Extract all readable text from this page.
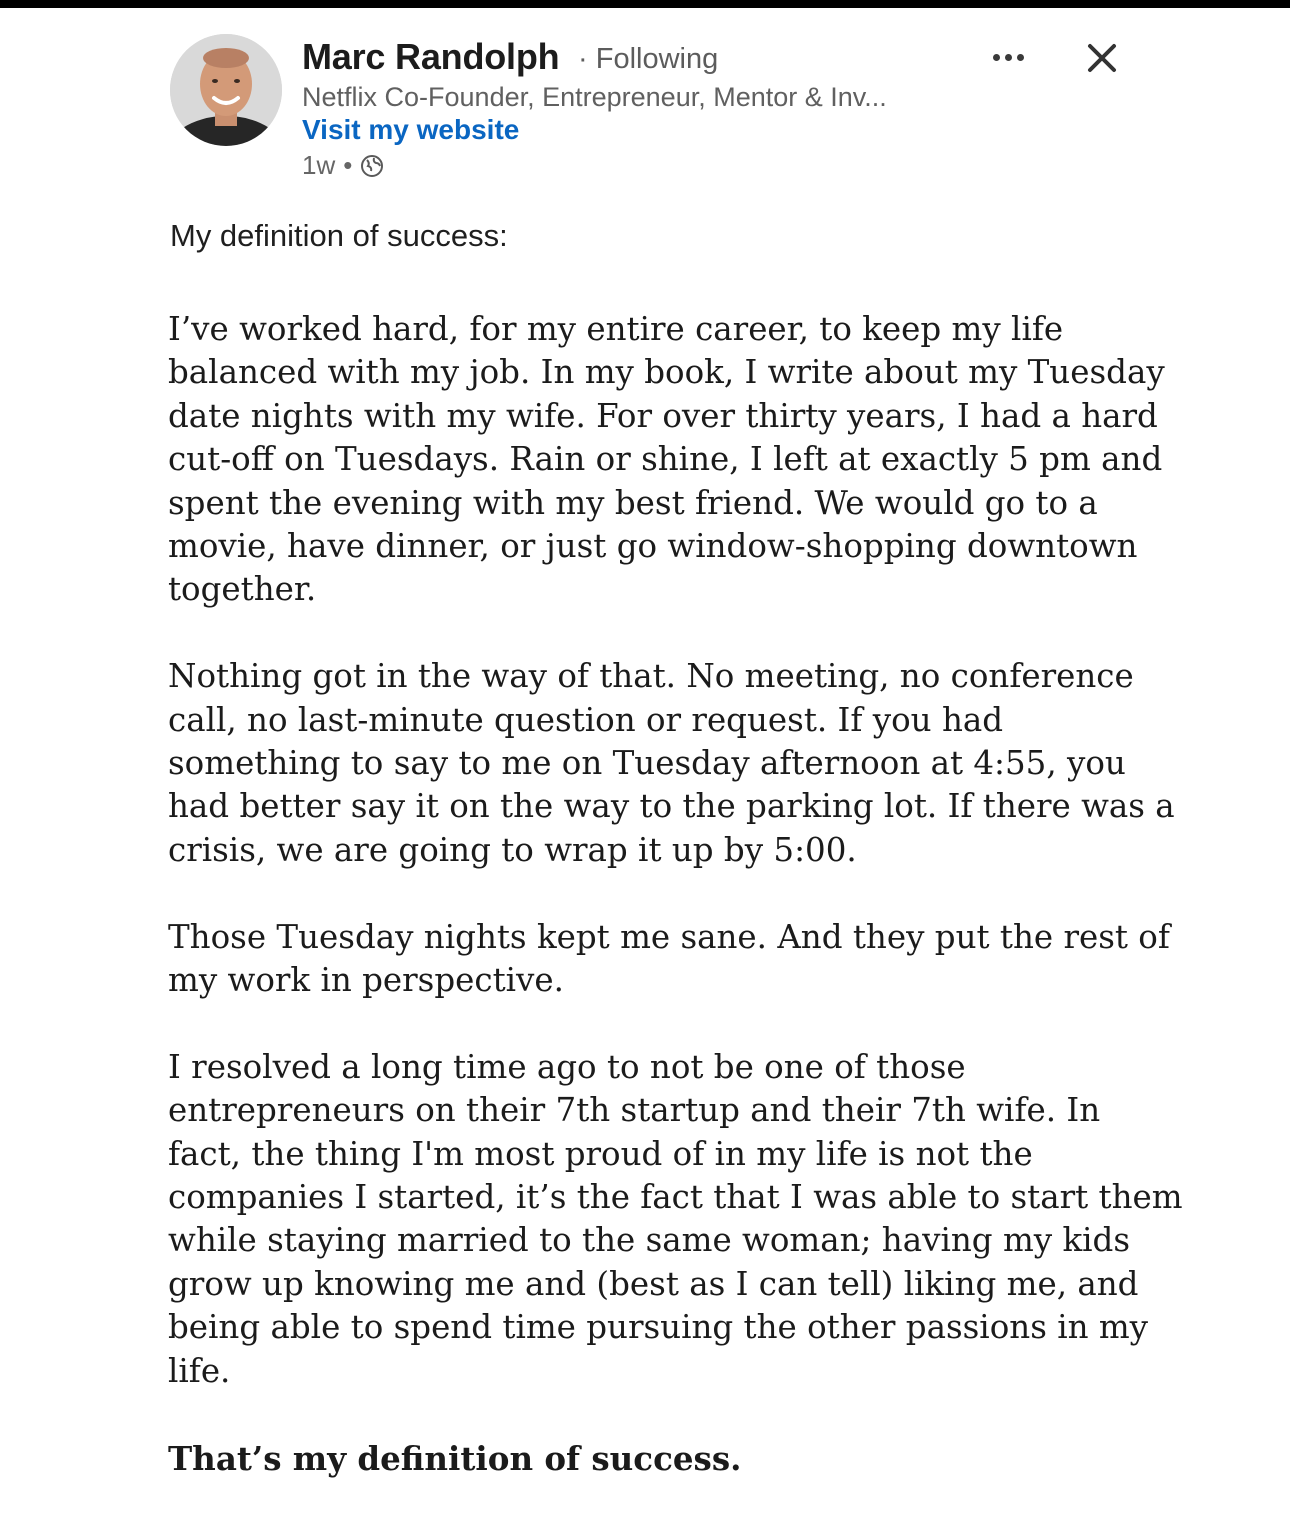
Marc Randolph · Following
Netflix Co-Founder, Entrepreneur, Mentor & Inv...
Visit my website
1w •
My definition of success:
I’ve worked hard, for my entire career, to keep my life
balanced with my job. In my book, I write about my Tuesday
date nights with my wife. For over thirty years, I had a hard
cut-off on Tuesdays. Rain or shine, I left at exactly 5 pm and
spent the evening with my best friend. We would go to a
movie, have dinner, or just go window-shopping downtown
together.
Nothing got in the way of that. No meeting, no conference
call, no last-minute question or request. If you had
something to say to me on Tuesday afternoon at 4:55, you
had better say it on the way to the parking lot. If there was a
crisis, we are going to wrap it up by 5:00.
Those Tuesday nights kept me sane. And they put the rest of
my work in perspective.
I resolved a long time ago to not be one of those
entrepreneurs on their 7th startup and their 7th wife. In
fact, the thing I'm most proud of in my life is not the
companies I started, it’s the fact that I was able to start them
while staying married to the same woman; having my kids
grow up knowing me and (best as I can tell) liking me, and
being able to spend time pursuing the other passions in my
life.
That’s my definition of success.
